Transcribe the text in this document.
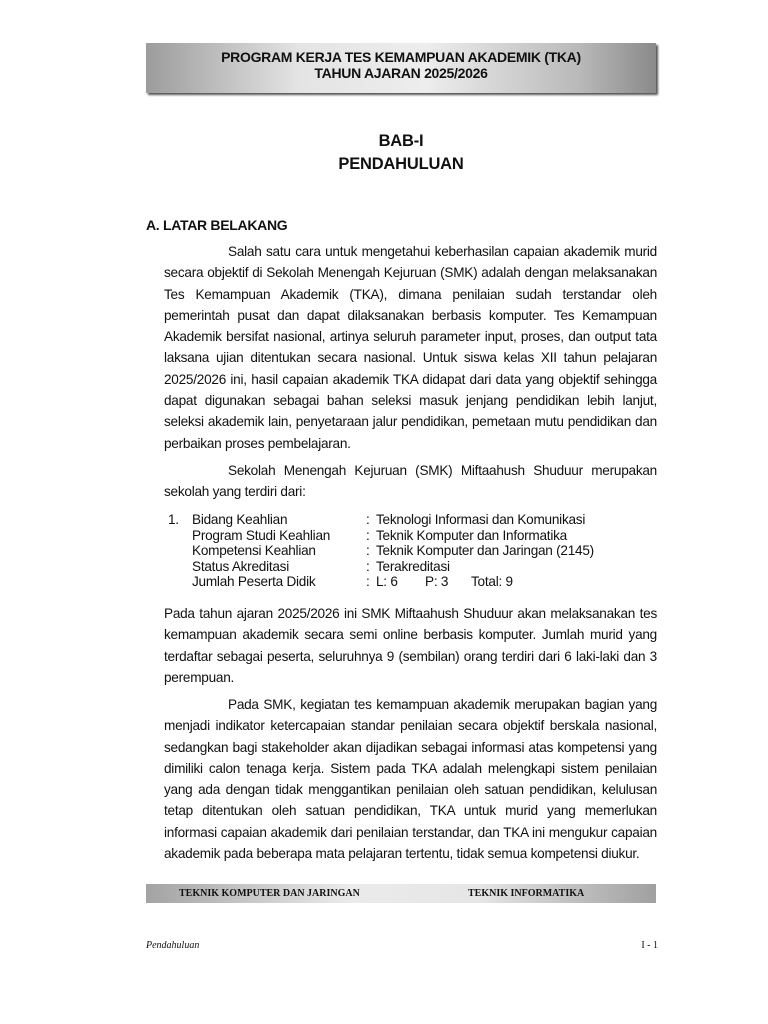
PROGRAM KERJA TES KEMAMPUAN AKADEMIK (TKA)
TAHUN AJARAN 2025/2026
BAB-I
PENDAHULUAN
A. LATAR BELAKANG

Salah satu cara untuk mengetahui keberhasilan capaian akademik murid secara objektif di Sekolah Menengah Kejuruan (SMK) adalah dengan melaksanakan Tes Kemampuan Akademik (TKA), dimana penilaian sudah terstandar oleh pemerintah pusat dan dapat dilaksanakan berbasis komputer. Tes Kemampuan Akademik bersifat nasional, artinya seluruh parameter input, proses, dan output tata laksana ujian ditentukan secara nasional. Untuk siswa kelas XII tahun pelajaran 2025/2026 ini, hasil capaian akademik TKA didapat dari data yang objektif sehingga dapat digunakan sebagai bahan seleksi masuk jenjang pendidikan lebih lanjut, seleksi akademik lain, penyetaraan jalur pendidikan, pemetaan mutu pendidikan dan perbaikan proses pembelajaran.

Sekolah Menengah Kejuruan (SMK) Miftaahush Shuduur merupakan sekolah yang terdiri dari:

1. Bidang Keahlian	: Teknologi Informasi dan Komunikasi
Program Studi Keahlian	: Teknik Komputer dan Informatika
Kompetensi Keahlian	: Teknik Komputer dan Jaringan (2145)
Status Akreditasi	: Terakreditasi
Jumlah Peserta Didik	: L: 6 P: 3 Total: 9

Pada tahun ajaran 2025/2026 ini SMK Miftaahush Shuduur akan melaksanakan tes kemampuan akademik secara semi online berbasis komputer. Jumlah murid yang terdaftar sebagai peserta, seluruhnya 9 (sembilan) orang terdiri dari 6 laki-laki dan 3 perempuan.

Pada SMK, kegiatan tes kemampuan akademik merupakan bagian yang menjadi indikator ketercapaian standar penilaian secara objektif berskala nasional, sedangkan bagi stakeholder akan dijadikan sebagai informasi atas kompetensi yang dimiliki calon tenaga kerja. Sistem pada TKA adalah melengkapi sistem penilaian yang ada dengan tidak menggantikan penilaian oleh satuan pendidikan, kelulusan tetap ditentukan oleh satuan pendidikan, TKA untuk murid yang memerlukan informasi capaian akademik dari penilaian terstandar, dan TKA ini mengukur capaian akademik pada beberapa mata pelajaran tertentu, tidak semua kompetensi diukur.

TEKNIK KOMPUTER DAN JARINGAN	TEKNIK INFORMATIKA
Pendahuluan	I - 1
